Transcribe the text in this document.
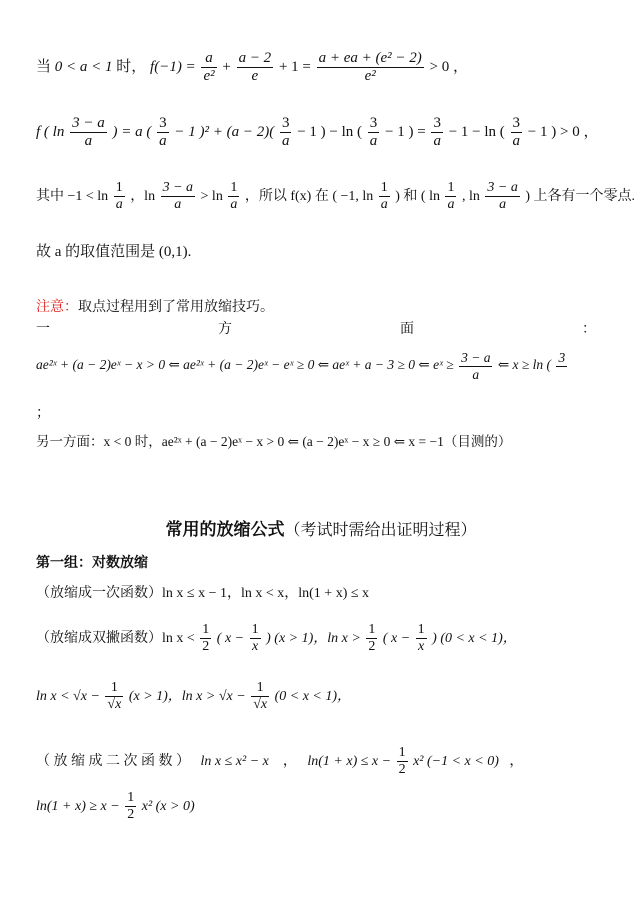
当 0 < a < 1 时， $f(-1) = \frac{a}{\text{e²}} + \frac{a - 2}{e} + 1 = \frac{\text{a + ea + (e² − 2)}}{\text{e²}} > 0$ ，
f ( $\ln \frac{3 - a}{a}$ ) = a ( $\frac{3}{a} - 1$ )$^2 + (a - 2)( \frac{3}{a} - 1$ ) − ln ( $\frac{3}{a} - 1$ ) = $\frac{3}{a} - 1 - \ln$ ( $\frac{3}{a} - 1$ ) > 0 ，
其中 $-1 < \ln \frac{1}{a}$ ，$\ln \frac{3 - a}{a} > \ln \frac{1}{a}$ ，所以 f(x) 在 ( −1, $\ln \frac{1}{a}$ ) 和 ( $\ln \frac{1}{a}$ , $\ln \frac{3 - a}{a}$ ) 上各有一个零点.
故 a 的取值范围是 (0,1).
注意：取点过程用到了常用放缩技巧。
一	方	面	：
ae²ˣ + (a − 2)eˣ − x > 0 ⇐ ae²ˣ + (a − 2)eˣ − eˣ ≥ 0 ⇐ aeˣ + a − 3 ≥ 0 ⇐ eˣ ≥ $\frac{3 - a}{a}$ ⇐ x ≥ ln ( 3

；
另一方面：x < 0 时，ae²ˣ + (a − 2)eˣ − x > 0 ⇐ (a − 2)eˣ − x ≥ 0 ⇐ x = −1（目测的）
常用的放缩公式（考试时需给出证明过程）
第一组：对数放缩
（放缩成一次函数）ln x ≤ x − 1，ln x < x，ln(1 + x) ≤ x
（放缩成双撇函数）ln $x < \frac{1}{2}$ ( $x - \frac{1}{x}$ ) (x > 1)，$\ln x > \frac{1}{2}$ ( $x - \frac{1}{x}$ ) (0 < x < 1)，
$\ln x < √x - \frac{1}{√x} (x > 1)$，$\ln x > √x - \frac{1}{√x} (0 < x < 1)$，
（ 放 缩 成 二 次 函 数 ） ln x ≤ x² − x ， $\ln(1 + x) \le x - \frac{1}{2} x^2$ (−1 < x < 0) ，
$\ln(1 + x) \ge x - \frac{1}{2} x^2$ (x > 0)
